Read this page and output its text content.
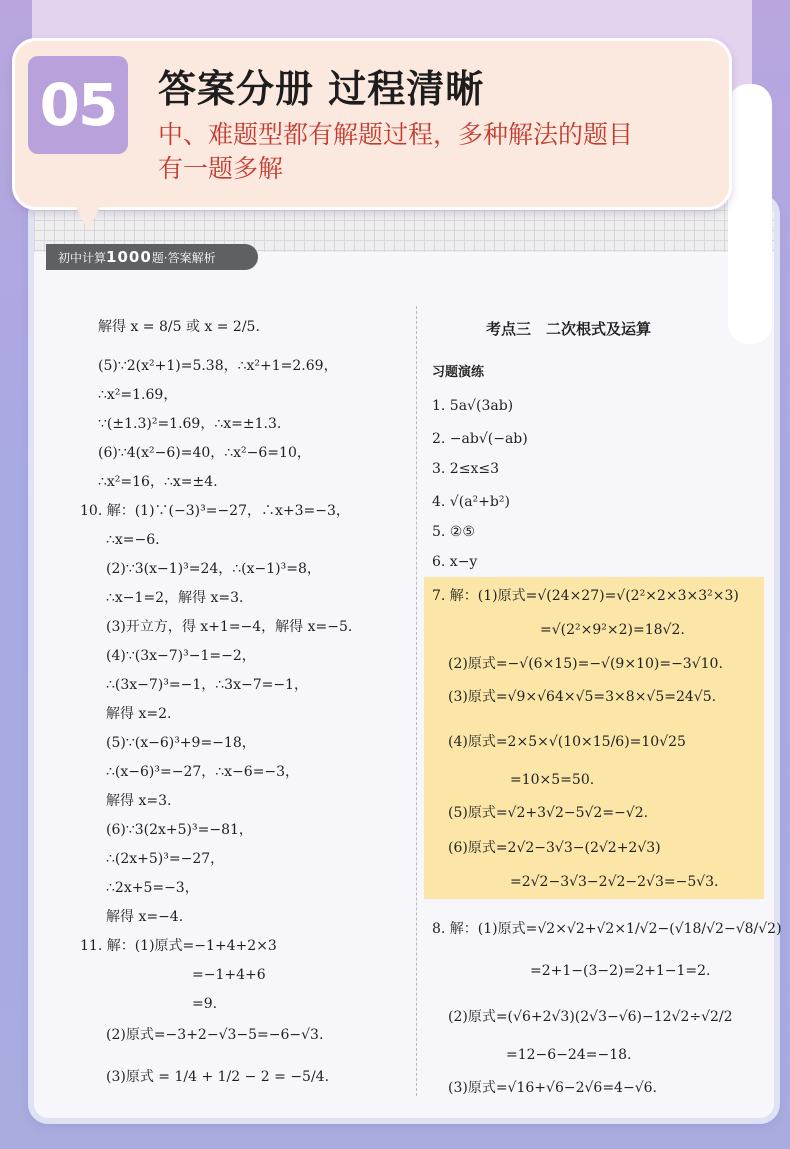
初中计算1000题·答案解析
05	答案分册 过程清晰
中、难题型都有解题过程，多种解法的题目
有一题多解
解得 x = 8/5 或 x = 2/5.
(5)∵2(x²+1)=5.38，∴x²+1=2.69，
∴x²=1.69，
∵(±1.3)²=1.69，∴x=±1.3.
(6)∵4(x²−6)=40，∴x²−6=10，
∴x²=16，∴x=±4.
10. 解：(1)∵(−3)³=−27，∴x+3=−3，
∴x=−6.
(2)∵3(x−1)³=24，∴(x−1)³=8，
∴x−1=2，解得 x=3.
(3)开立方，得 x+1=−4，解得 x=−5.
(4)∵(3x−7)³−1=−2，
∴(3x−7)³=−1，∴3x−7=−1，
解得 x=2.
(5)∵(x−6)³+9=−18，
∴(x−6)³=−27，∴x−6=−3，
解得 x=3.
(6)∵3(2x+5)³=−81，
∴(2x+5)³=−27，
∴2x+5=−3，
解得 x=−4.
11. 解：(1)原式=−1+4+2×3
=−1+4+6
=9.
(2)原式=−3+2−√3−5=−6−√3.
(3)原式 = 1/4 + 1/2 − 2 = −5/4.
考点三　二次根式及运算
习题演练
1. 5a√(3ab)
2. −ab√(−ab)
3. 2≤x≤3
4. √(a²+b²)
5. ②⑤
6. x−y
7. 解：(1)原式=√(24×27)=√(2²×2×3×3²×3)
=√(2²×9²×2)=18√2.
(2)原式=−√(6×15)=−√(9×10)=−3√10.
(3)原式=√9×√64×√5=3×8×√5=24√5.
(4)原式=2×5×√(10×15/6)=10√25
=10×5=50.
(5)原式=√2+3√2−5√2=−√2.
(6)原式=2√2−3√3−(2√2+2√3)
=2√2−3√3−2√2−2√3=−5√3.
8. 解：(1)原式=√2×√2+√2×1/√2−(√18/√2−√8/√2)
=2+1−(3−2)=2+1−1=2.
(2)原式=(√6+2√3)(2√3−√6)−12√2÷√2/2
=12−6−24=−18.
(3)原式=√16+√6−2√6=4−√6.
